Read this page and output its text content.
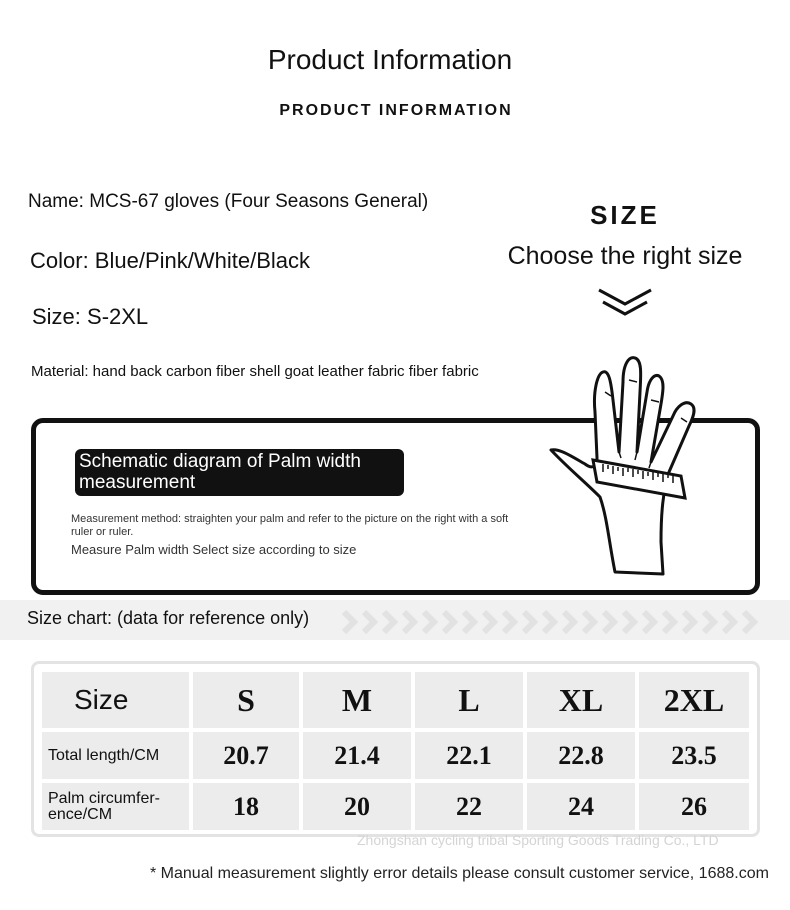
Product Information
PRODUCT INFORMATION
Name: MCS-67 gloves (Four Seasons General)
Color: Blue/Pink/White/Black
Size: S-2XL
Material: hand back carbon fiber shell goat leather fabric fiber fabric
SIZE
Choose the right size
Schematic diagram of Palm width measurement
Measurement method: straighten your palm and refer to the picture on the right with a soft ruler or ruler.
Measure Palm width Select size according to size
Size chart: (data for reference only)
Size	S	M	L	XL	2XL
Total length/CM	20.7	21.4	22.1	22.8	23.5
Palm circumfer-ence/CM	18	20	22	24	26
Zhongshan cycling tribal Sporting Goods Trading Co., LTD
* Manual measurement slightly error details please consult customer service, 1688.com
